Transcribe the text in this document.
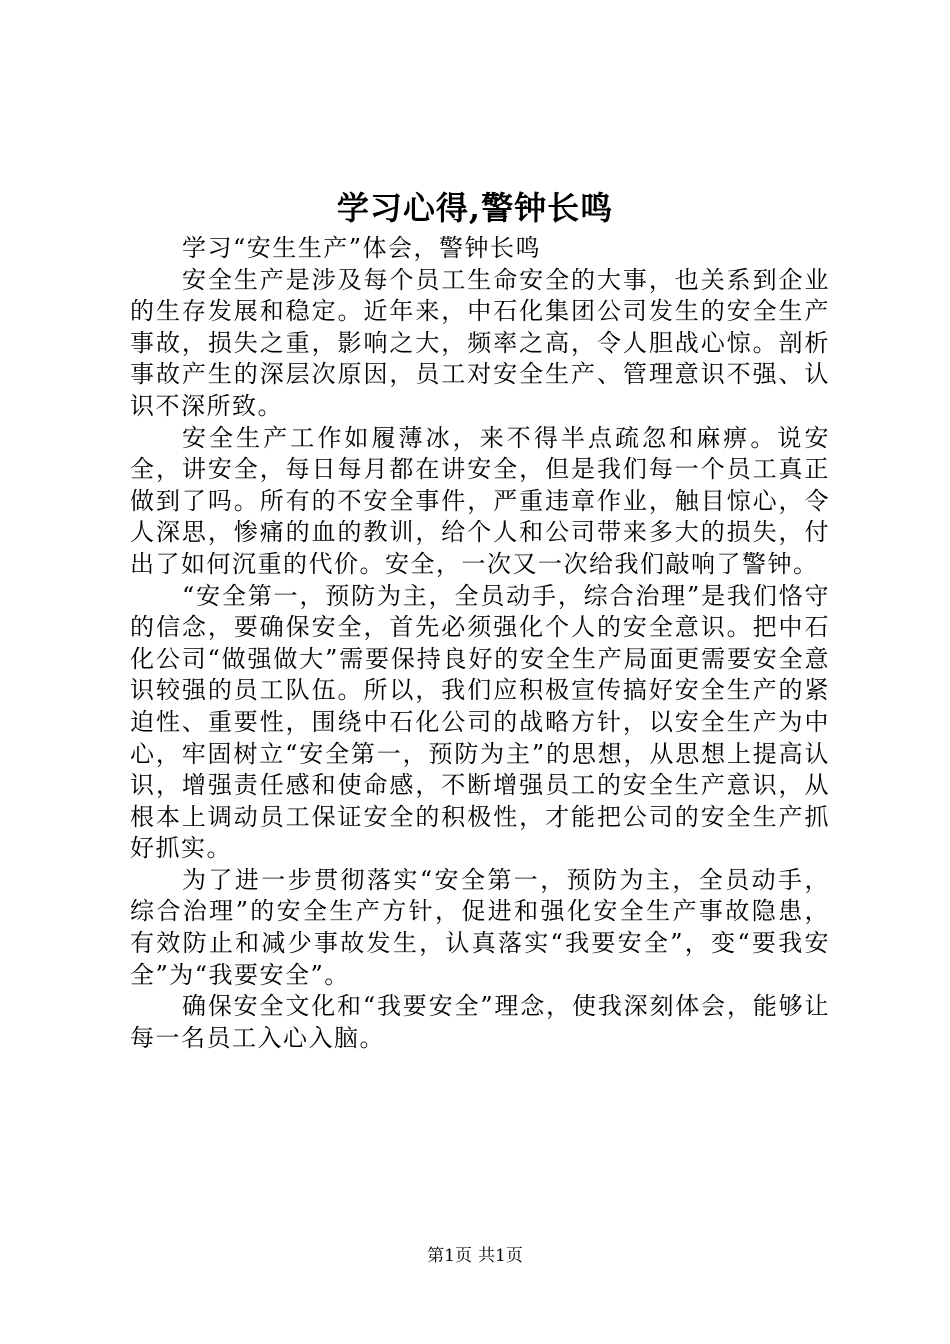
学习心得,警钟长鸣

学习“安生生产”体会，警钟长鸣

安全生产是涉及每个员工生命安全的大事，也关系到企业的生存发展和稳定。近年来，中石化集团公司发生的安全生产事故，损失之重，影响之大，频率之高，令人胆战心惊。剖析事故产生的深层次原因，员工对安全生产、管理意识不强、认识不深所致。

安全生产工作如履薄冰，来不得半点疏忽和麻痹。说安全，讲安全，每日每月都在讲安全，但是我们每一个员工真正做到了吗。所有的不安全事件，严重违章作业，触目惊心，令人深思，惨痛的血的教训，给个人和公司带来多大的损失，付出了如何沉重的代价。安全，一次又一次给我们敲响了警钟。

“安全第一，预防为主，全员动手，综合治理”是我们恪守的信念，要确保安全，首先必须强化个人的安全意识。把中石化公司“做强做大”需要保持良好的安全生产局面更需要安全意识较强的员工队伍。所以，我们应积极宣传搞好安全生产的紧迫性、重要性，围绕中石化公司的战略方针，以安全生产为中心，牢固树立“安全第一，预防为主”的思想，从思想上提高认识，增强责任感和使命感，不断增强员工的安全生产意识，从根本上调动员工保证安全的积极性，才能把公司的安全生产抓好抓实。

为了进一步贯彻落实“安全第一，预防为主，全员动手，综合治理”的安全生产方针，促进和强化安全生产事故隐患，有效防止和减少事故发生，认真落实“我要安全”，变“要我安全”为“我要安全”。

确保安全文化和“我要安全”理念，使我深刻体会，能够让每一名员工入心入脑。

第1页 共1页
